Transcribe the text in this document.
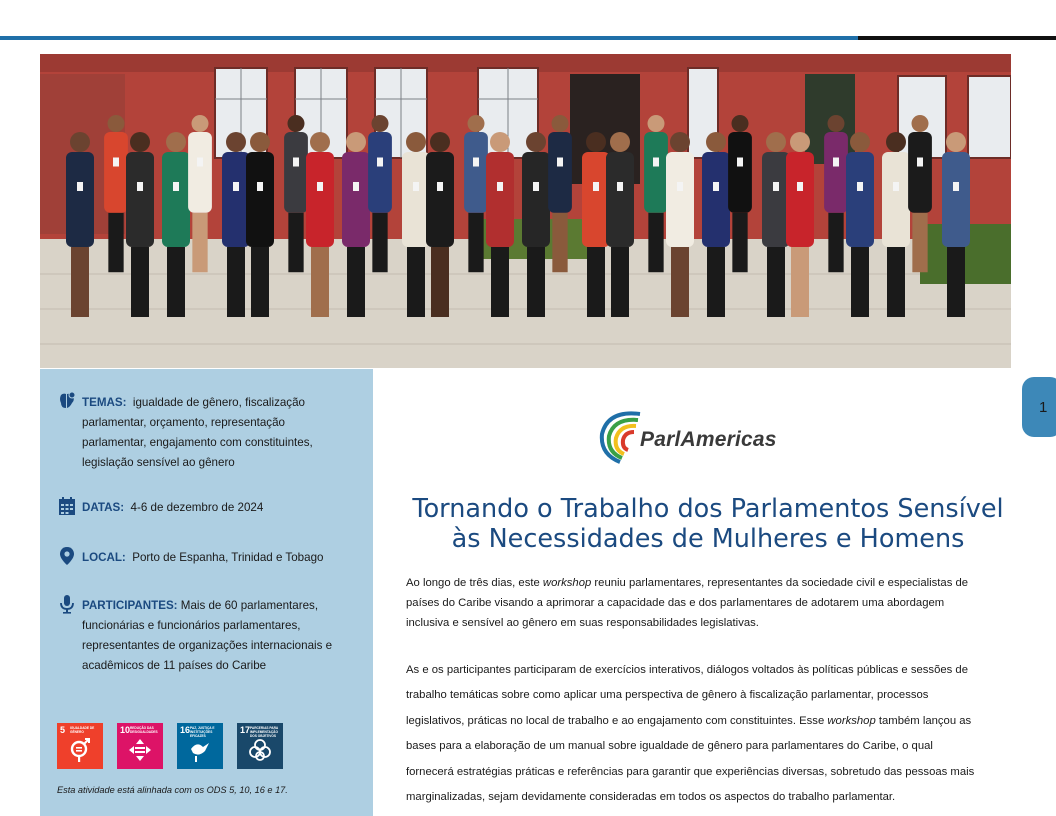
TEMAS: igualdade de gênero, fiscalização
parlamentar, orçamento, representação
parlamentar, engajamento com constituintes,
legislação sensível ao gênero
DATAS: 4-6 de dezembro de 2024
LOCAL: Porto de Espanha, Trinidad e Tobago
PARTICIPANTES: Mais de 60 parlamentares,
funcionárias e funcionários parlamentares,
representantes de organizações internacionais e
acadêmicos de 11 países do Caribe
5 IGUALDADE DE GÊNERO	10 REDUÇÃO DAS DESIGUALDADES 16 PAZ, JUSTIÇA E INSTITUIÇÕES EFICAZES
17 PARCERIAS PARA IMPLEMENTAÇÃO DOS OBJETIVOS
Esta atividade está alinhada com os ODS 5, 10, 16 e 17.
1
ParlAmericas
Tornando o Trabalho dos Parlamentos Sensível
às Necessidades de Mulheres e Homens
Ao longo de três dias, este workshop reuniu parlamentares, representantes da sociedade civil e especialistas de
países do Caribe visando a aprimorar a capacidade das e dos parlamentares de adotarem uma abordagem
inclusiva e sensível ao gênero em suas responsabilidades legislativas.
As e os participantes participaram de exercícios interativos, diálogos voltados às políticas públicas e sessões de
trabalho temáticas sobre como aplicar uma perspectiva de gênero à fiscalização parlamentar, processos
legislativos, práticas no local de trabalho e ao engajamento com constituintes. Esse workshop também lançou as
bases para a elaboração de um manual sobre igualdade de gênero para parlamentares do Caribe, o qual
fornecerá estratégias práticas e referências para garantir que experiências diversas, sobretudo das pessoas mais
marginalizadas, sejam devidamente consideradas em todos os aspectos do trabalho parlamentar.
